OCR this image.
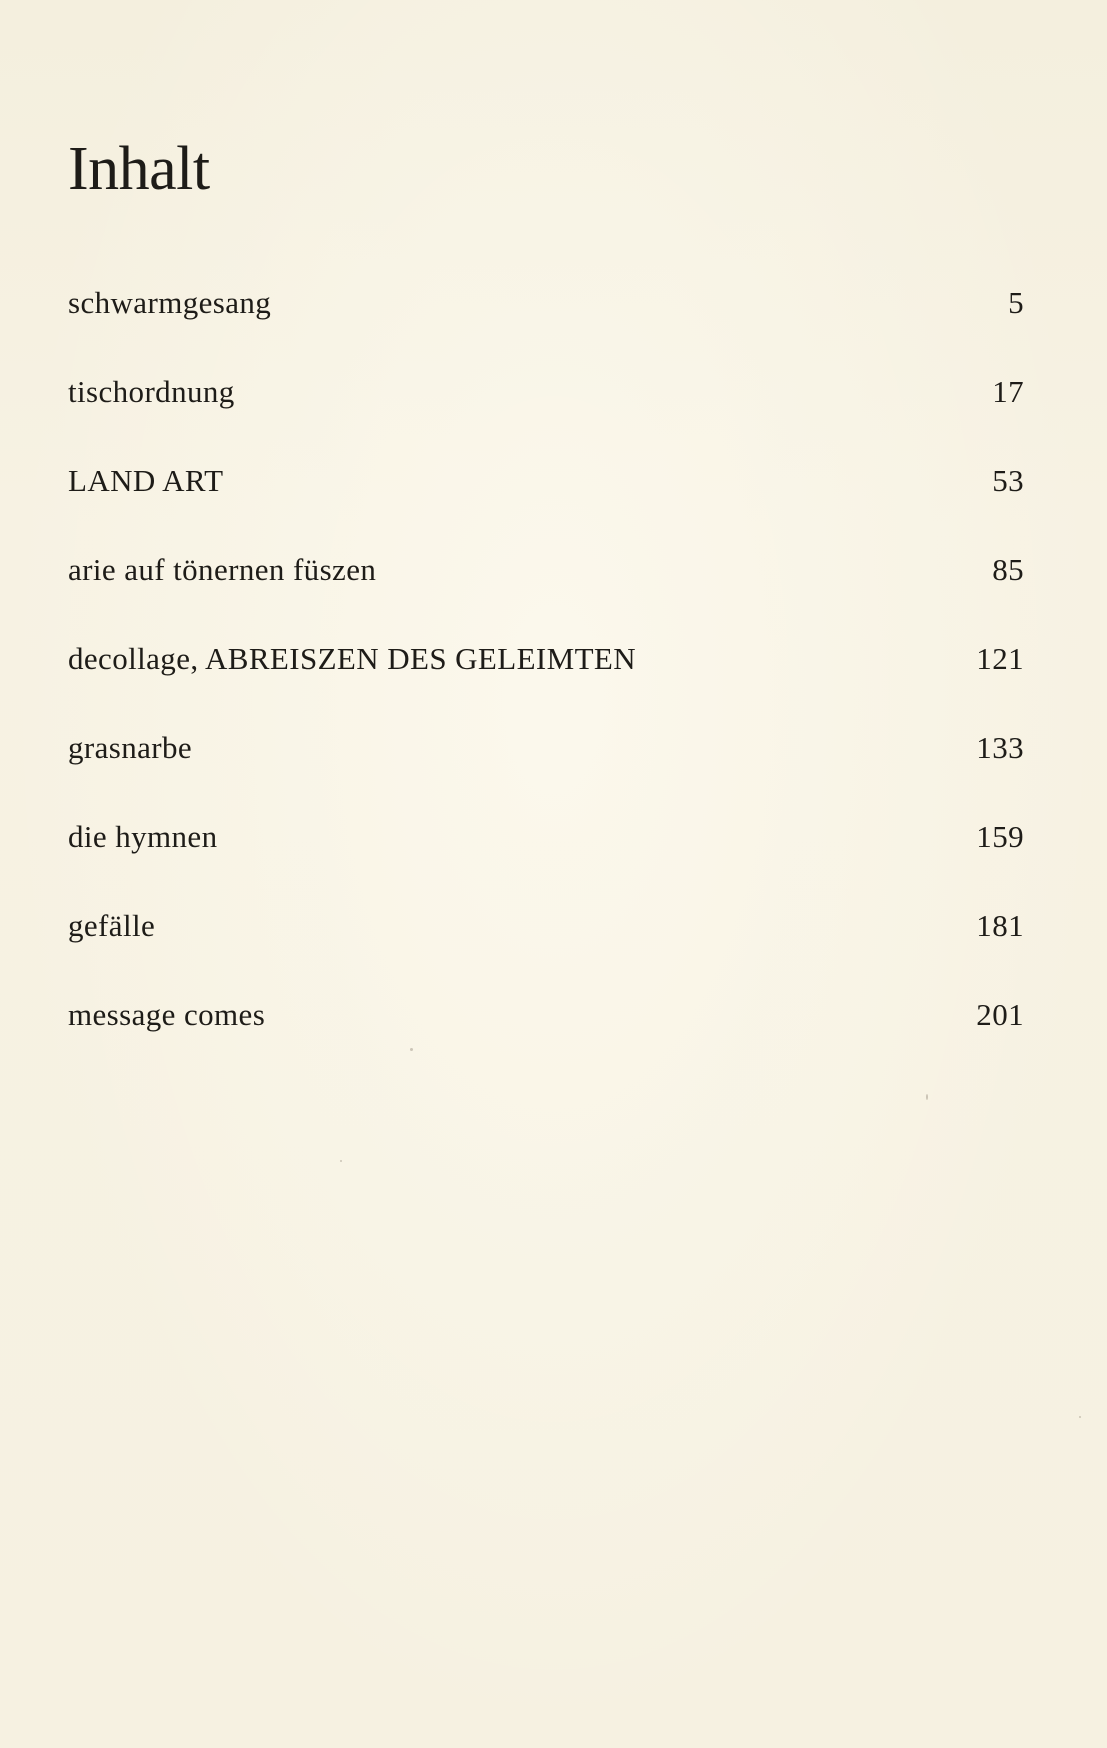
Inhalt
schwarmgesang	5
tischordnung	17
LAND ART	53
arie auf tönernen füszen	85
decollage, ABREISZEN DES GELEIMTEN	121
grasnarbe	133
die hymnen	159
gefälle	181
message comes	201
